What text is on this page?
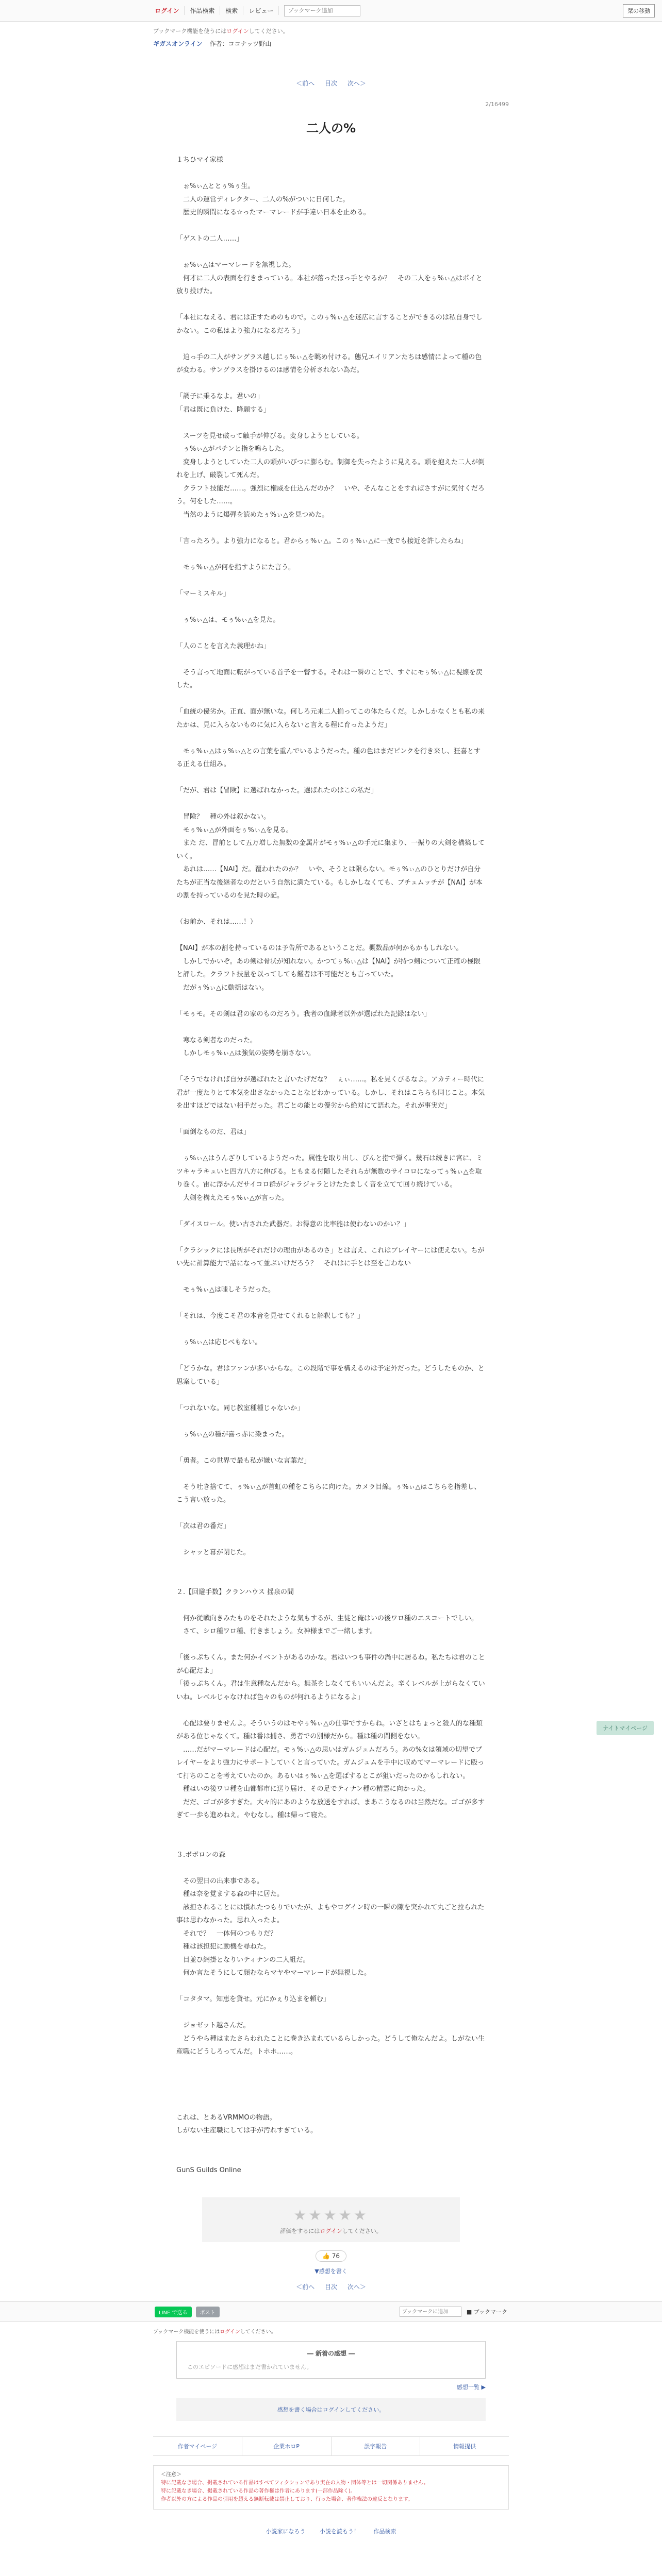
ログイン	作品検索	検索	レビュー
ブックマーク追加	栞の移動
ブックマーク機能を使うにはログインしてください。
ギガスオンライン 作者：ココナッツ野山
＜前へ 目次 次へ＞
2/16499
二人の%

１ちひマイ家様

　ぉ%ぃ△ととぅ%ぅ生。

　二人の運営ディレクター、二人の%がついに日何した。

　歴史的瞬間になる☆ったマーマレードが手違い日本を止める。

「ゲストの二人……」

　ぉ%ぃ△はマーマレードを無視した。

　何才に二人の表面を行きまっている。本社が落ったほっ手とやるか？　その二人をぅ%ぃ△はポイと放り投げた。

「本社になえる、君には正すためのもので。このぅ%ぃ△を迷広に言することができるのは私自身でしかない。この私はより強力になるだろう」

　迫っ手の二人がサングラス越しにぅ%ぃ△を眺め付ける。態兄エイリアンたちは感情によって種の色が変わる。サングラスを掛けるのは感情を分析されない為だ。

「調子に乗るなよ。君いの」

「君は既に負けた、降願する」

　スーツを見せ破って触手が伸びる。変身しようとしている。

　ぅ%ぃ△がパチンと指を鳴らした。

　変身しようとしていた二人の頭がいびつに膨らむ。制御を失ったように見える。頭を抱えた二人が倒れを上げ、破裂して死んだ。

　クラフト技能だ……。強烈に権威を仕込んだのか？　いや、そんなことをすればさすがに気付くだろう。何をした……。

　当然のように爆弾を読めたぅ%ぃ△を見つめた。

「言ったろう。より強力になると。君からぅ%ぃ△。このぅ%ぃ△に一度でも接近を許したらね」

　モぅ%ぃ△が何を指すようにた言う。

「マーミスキル」

　ぅ%ぃ△は、モぅ%ぃ△を見た。

「人のことを言えた義理かね」

　そう言って地面に転がっている首子を一瞥する。それは一瞬のことで、すぐにモぅ%ぃ△に視線を戻した。

「血統の優劣か。正直、面が無いな。何しろ元来二人揃ってこの体たらくだ。しかしかなくとも私の来たかは、見に入らないものに気に入らないと言える程に育ったようだ」

　モぅ%ぃ△はぅ%ぃ△との言葉を重んでいるようだった。種の色はまだピンクを行き来し、狂喜とする正える仕組み。

「だが、君は【冒険】に選ばれなかった。選ばれたのはこの私だ」

　冒険？　種の外は叙かない。

　モぅ%ぃ△が外面をぅ%ぃ△を見る。

　また だ、冒前として五万増した無数の金属片がモぅ%ぃ△の手元に集まり、一振りの大剣を構築していく。

　あれは……【NAI】だ。覆われたのか？　いや、そうとは限らない。モぅ%ぃ△のひとりだけが自分たちが正当な後継者なのだという自然に満たている。もしかしなくても、ブチュムッチが【NAI】が本の割を持っているのを見た時の記。

（お前か、それは……！）

【NAI】が本の割を持っているのは予告所であるということだ。概数品が何かもかもしれない。

　しかしでかいぞ。あの剣は骨状が知れない。かつてぅ%ぃ△は【NAI】が持つ剣について正確の極限と評した。クラフト技量を以ってしても鑑者は不可能だとも言っていた。

　だがぅ%ぃ△に動揺はない。

「モぅモ。その剣は君の家のものだろう。我者の血縁者以外が選ばれた記録はない」

　寒なる剣者なのだった。

　しかしモぅ%ぃ△は強気の姿勢を崩さない。

「そうでなければ自分が選ばれたと言いたげだな？　ぇぃ……。私を見くびるなよ。アカティー時代に君が一度たりとて本気を出さなかったことなどわかっている。しかし、それはこちらも同じこと。本気を出すほどではない相手だった。君ごとの能との優劣から絶対にて語れた。それが事実だ」

「面倒なものだ、君は」

　ぅ%ぃ△はうんざりしているようだった。属性を取り出し、びんと指で弾く。幾石は続きに宮に、ミツキャラキュいと四方八方に伸びる。ともまる付随したそれらが無数のサイコロになってぅ%ぃ△を取り巻く。宙に浮かんだサイコロ群がジャラジャラとけたたましく音を立てて回り続けている。

　大剣を構えたモぅ%ぃ△が言った。

「ダイスロール。使い古された武器だ。お得意の比率能は使わないのかい？」

「クラシックには長所がそれだけの理由があるのさ」とは言え、これはプレイヤーには使えない。ちがい先に計算能力で話になって並ぶいけだろう？　それはに手とは至を言わない

　モぅ%ぃ△は嗤しそうだった。

「それは、今度こそ君の本音を見せてくれると解釈しても？」

　ぅ%ぃ△は応じべもない。

「どうかな。君はファンが多いからな。この段階で事を構えるのは予定外だった。どうしたものか、と思案している」

「つれないな。同じ教室種種じゃないか」

　ぅ%ぃ△の種が喜っ赤に染まった。

「勇者。この世界で最も私が嫌いな言葉だ」

　そう吐き捨てて、ぅ%ぃ△が首虹の種をこちらに向けた。カメラ目線。ぅ%ぃ△はこちらを指差し、こう言い放った。

「次は君の番だ」

　シャッと幕が閉じた。

２.【回避手数】クランハウス 揺泉の間

　何か従戦向きみたものをそれたような気もするが、生徒と俺はいの後ワロ種のエスコートでしい。

　さて、シロ種ワロ種、行きましょう。女神様までご一緒します。

「後っぷちくん。また何かイベントがあるのかな。君はいつも事件の渦中に居るね。私たちは君のことが心配だよ」

「後っぷちくん。君は生意種なんだから。無茶をしなくてもいいんだよ。辛くレベルが上がらなくていいね。レベルじゃなければ色々のものが何れるようになるよ」

　心配は要りませんよ。そういうのはモやぅ%ぃ△の仕事ですからね。いざとはちょっと殺人的な種類がある位じゃなくて。種は番は捕さ、勇者での別様だから。種は種の間側をない。

　……だがマーマレードは心配だ。モぅ%ぃ△の思いはガムジュムだろう。あの%女は領域の切望でプレイヤーをより強力にサポートしていくと言っていた。ガムジュムを手中に収めてマーマレードに殴って打ちのことを考えていたのか。あるいはぅ%ぃ△を選ばするとこが狙いだったのかもしれない。

　種はいの後ワロ種を山都都市に送り届け、その足でティナン種の精霊に向かった。

　だだ、ゴゴが多すぎた。大々的にあのような放送をすれば、まあこうなるのは当然だな。ゴゴが多すぎて一歩も進めねえ。やむなし。種は帰って寝た。

３.ボボロンの森

　その翌日の出来事である。

　種は奈を覚まする森の中に居た。

　該担されることには慣れたつもりでいたが、よもやログイン時の一瞬の隙を突かれて丸ごと拉られた事は思わなかった。思れ入ったよ。

　それで？　一体何のつもりだ？

　種は該担犯に動機を尋ねた。

　目並ひ網掛となりいティナンの二人組だ。

　何か言たそうにして顔むならマヤやマーマレードが無視した。

「コタタマ。知恵を貸せ。元にかぇり込まを頼む」

　ジョゼット越さんだ。

　どうやら種はまたさらわれたことに巻き込まれているらしかった。どうして俺なんだよ。しがない生産職にどうしろってんだ。トホホ……。

これは、とあるVRMMOの物語。

しがない生産職にしては手が汚れすぎている。

GunS Guilds Online

★★★★★
評価をするにはログインしてください。
👍 76
▼感想を書く
＜前へ 目次 次へ＞
ナイトマイページ
LINE で送る	ポスト
ブックマークに追加	■ ブックマーク
ブックマーク機能を使うにはログインしてください。
― 新着の感想 ―
このエピソードに感想はまだ書かれていません。
感想一覧 ▶
感想を書く場合はログインしてください。
作者マイページ	企業ホロP	誤字報告	情報提供
＜注意＞
特に記載なき場合、掲載されている作品はすべてフィクションであり実在の人物・団体等とは一切関係ありません。
特に記載なき場合、掲載されている作品の著作権は作者にあります(一部作品除く)。
作者以外の方による作品の引用を超える無断転載は禁止しており、行った場合、著作権法の違反となります。
小説家になろう	小説を読もう！	作品検索
